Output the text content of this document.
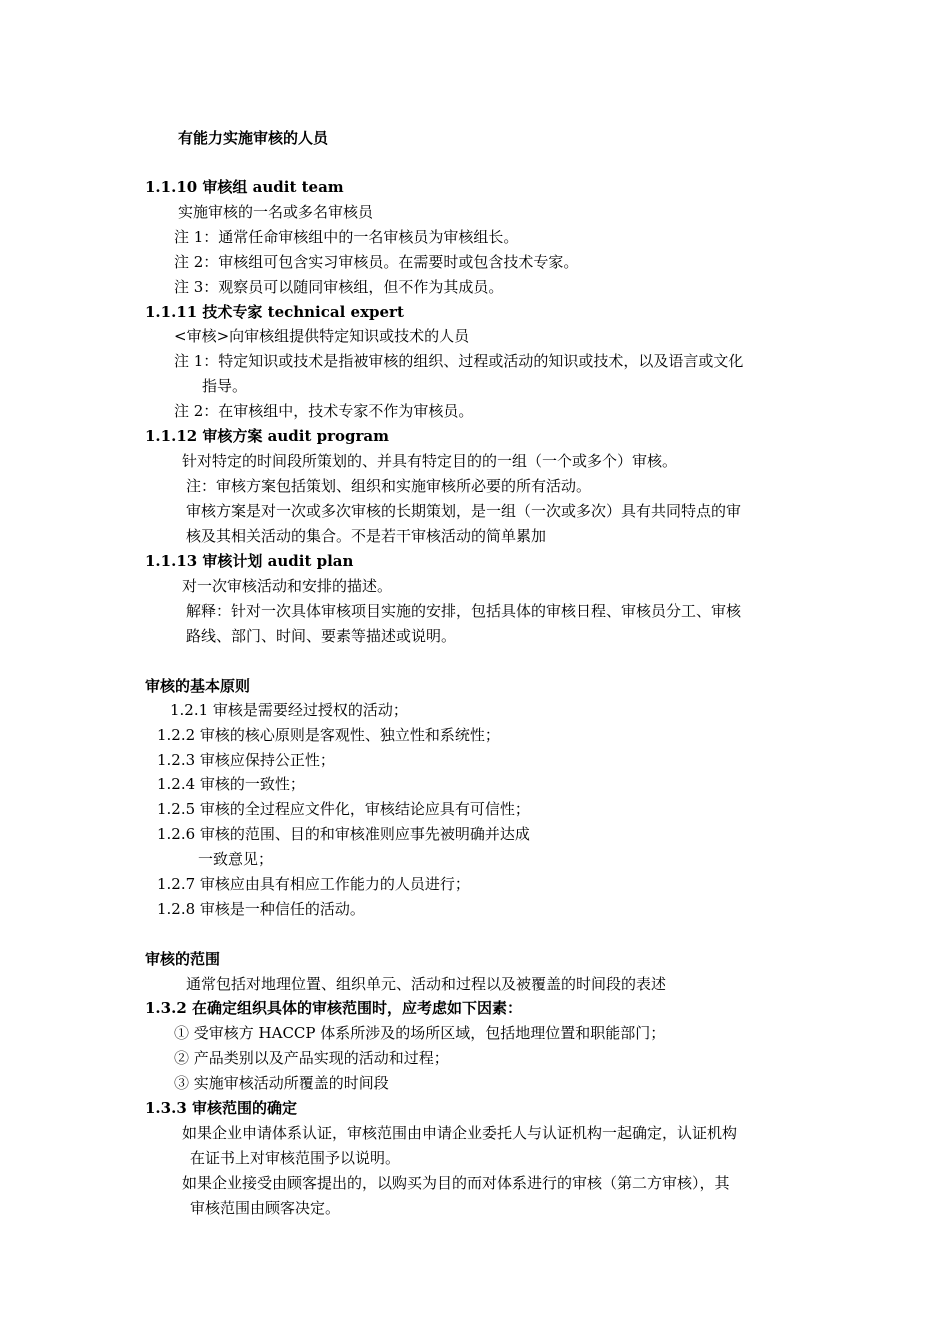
有能力实施审核的人员
1.1.10 审核组 audit team
实施审核的一名或多名审核员
注 1：通常任命审核组中的一名审核员为审核组长。
注 2：审核组可包含实习审核员。在需要时或包含技术专家。
注 3：观察员可以随同审核组，但不作为其成员。
1.1.11 技术专家 technical expert
<审核>向审核组提供特定知识或技术的人员
注 1：特定知识或技术是指被审核的组织、过程或活动的知识或技术，以及语言或文化
指导。
注 2：在审核组中，技术专家不作为审核员。
1.1.12 审核方案 audit program
针对特定的时间段所策划的、并具有特定目的的一组（一个或多个）审核。
注：审核方案包括策划、组织和实施审核所必要的所有活动。
审核方案是对一次或多次审核的长期策划，是一组（一次或多次）具有共同特点的审
核及其相关活动的集合。不是若干审核活动的简单累加
1.1.13 审核计划 audit plan
对一次审核活动和安排的描述。
解释：针对一次具体审核项目实施的安排，包括具体的审核日程、审核员分工、审核
路线、部门、时间、要素等描述或说明。
审核的基本原则
1.2.1 审核是需要经过授权的活动；
1.2.2 审核的核心原则是客观性、独立性和系统性；
1.2.3 审核应保持公正性；
1.2.4 审核的一致性；
1.2.5 审核的全过程应文件化，审核结论应具有可信性；
1.2.6 审核的范围、目的和审核准则应事先被明确并达成
一致意见；
1.2.7 审核应由具有相应工作能力的人员进行；
1.2.8 审核是一种信任的活动。
审核的范围
通常包括对地理位置、组织单元、活动和过程以及被覆盖的时间段的表述
1.3.2 在确定组织具体的审核范围时，应考虑如下因素：
① 受审核方 HACCP 体系所涉及的场所区域，包括地理位置和职能部门；
② 产品类别以及产品实现的活动和过程；
③ 实施审核活动所覆盖的时间段
1.3.3 审核范围的确定
如果企业申请体系认证，审核范围由申请企业委托人与认证机构一起确定，认证机构
在证书上对审核范围予以说明。
如果企业接受由顾客提出的，以购买为目的而对体系进行的审核（第二方审核），其
审核范围由顾客决定。
